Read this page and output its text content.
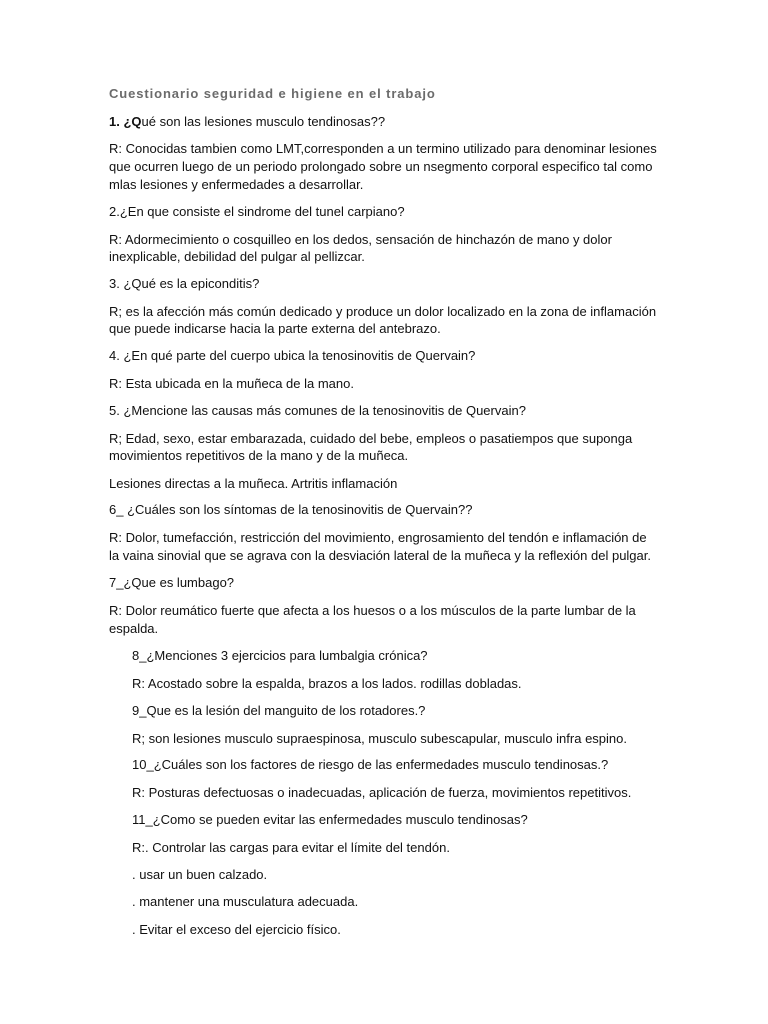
Cuestionario seguridad e higiene en el trabajo
1. ¿Qué son las lesiones musculo tendinosas??
R: Conocidas tambien como LMT,corresponden a un termino utilizado para denominar lesiones
que ocurren luego de un periodo prolongado sobre un nsegmento corporal especifico tal como
mlas lesiones y enfermedades a desarrollar.
2.¿En que consiste el sindrome del tunel carpiano?
R: Adormecimiento o cosquilleo en los dedos, sensación de hinchazón de mano y dolor
inexplicable, debilidad del pulgar al pellizcar.
3. ¿Qué es la epiconditis?
R; es la afección más común dedicado y produce un dolor localizado en la zona de inflamación
que puede indicarse hacia la parte externa del antebrazo.
4. ¿En qué parte del cuerpo ubica la tenosinovitis de Quervain?
R: Esta ubicada en la muñeca de la mano.
5. ¿Mencione las causas más comunes de la tenosinovitis de Quervain?
R; Edad, sexo, estar embarazada, cuidado del bebe, empleos o pasatiempos que suponga
movimientos repetitivos de la mano y de la muñeca.
Lesiones directas a la muñeca. Artritis inflamación
6_ ¿Cuáles son los síntomas de la tenosinovitis de Quervain??
R: Dolor, tumefacción, restricción del movimiento, engrosamiento del tendón e inflamación de
la vaina sinovial que se agrava con la desviación lateral de la muñeca y la reflexión del pulgar.
7_¿Que es lumbago?
R: Dolor reumático fuerte que afecta a los huesos o a los músculos de la parte lumbar de la
espalda.
8_¿Menciones 3 ejercicios para lumbalgia crónica?
R: Acostado sobre la espalda, brazos a los lados. rodillas dobladas.
9_Que es la lesión del manguito de los rotadores.?
R; son lesiones musculo supraespinosa, musculo subescapular, musculo infra espino.
10_¿Cuáles son los factores de riesgo de las enfermedades musculo tendinosas.?
R: Posturas defectuosas o inadecuadas, aplicación de fuerza, movimientos repetitivos.
11_¿Como se pueden evitar las enfermedades musculo tendinosas?
R:. Controlar las cargas para evitar el límite del tendón.
. usar un buen calzado.
. mantener una musculatura adecuada.
. Evitar el exceso del ejercicio físico.
